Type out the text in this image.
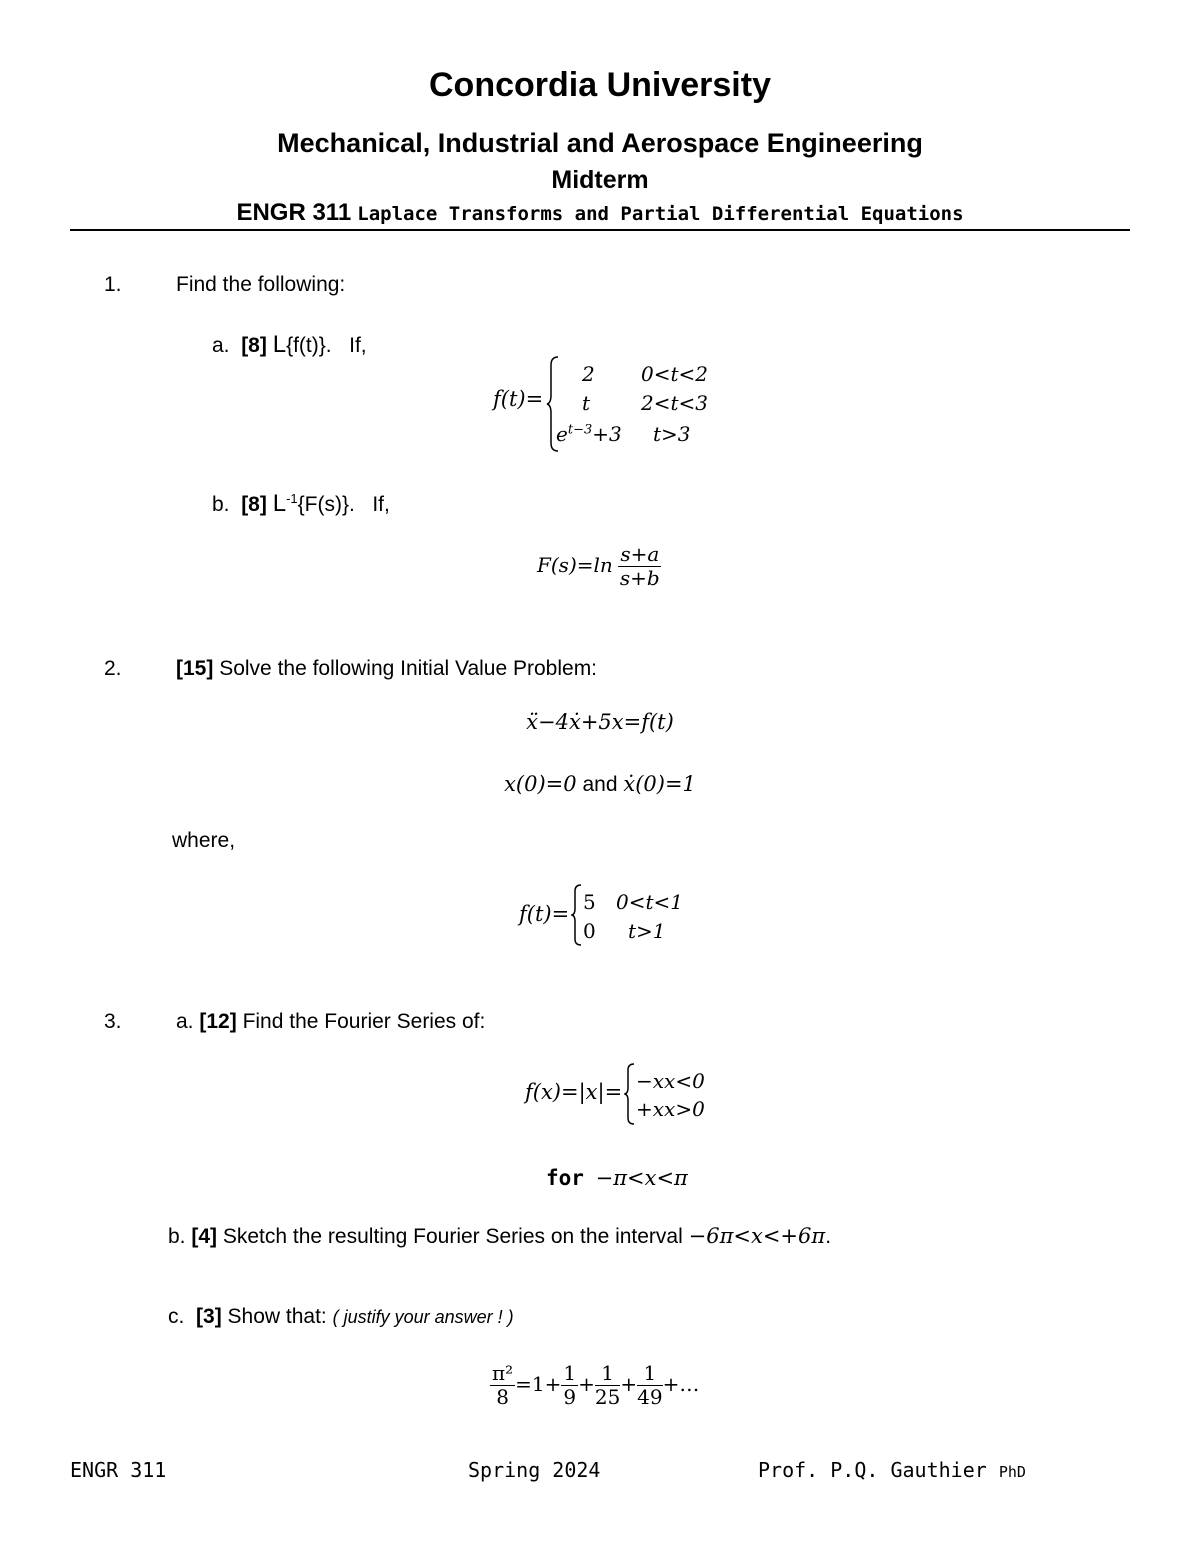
Concordia University
Mechanical, Industrial and Aerospace Engineering
Midterm
ENGR 311 Laplace Transforms and Partial Differential Equations
1.	Find the following:
a. [8] L{f(t)}. If,
f(t)=
2 0<t<2
t	2<t<3
$e^{t-3}+3$ t>3
b. [8] $L^{-1}\{F(s)\}$. If,
$F(s)=\ln \frac{s+a}{s+b}$
2.	[15] Solve the following Initial Value Problem:
ẍ−4ẋ+5x=f(t)
x(0)=0 and ẋ(0)=1
where,
f(t)= 5 0<t<1
0 t>1
3.	a. [12] Find the Fourier Series of:
f(x)=|x|= −xx<0
+xx>0
for −π<x<π
b. [4] Sketch the resulting Fourier Series on the interval −6π<x<+6π.
c. [3] Show that: ( justify your answer ! )
$\frac{\text{π²}}{8} =1+ \frac{1}{9} + \frac{1}{25} + \frac{1}{49}$ +…
ENGR 311	Spring 2024	Prof. P.Q. Gauthier PhD
